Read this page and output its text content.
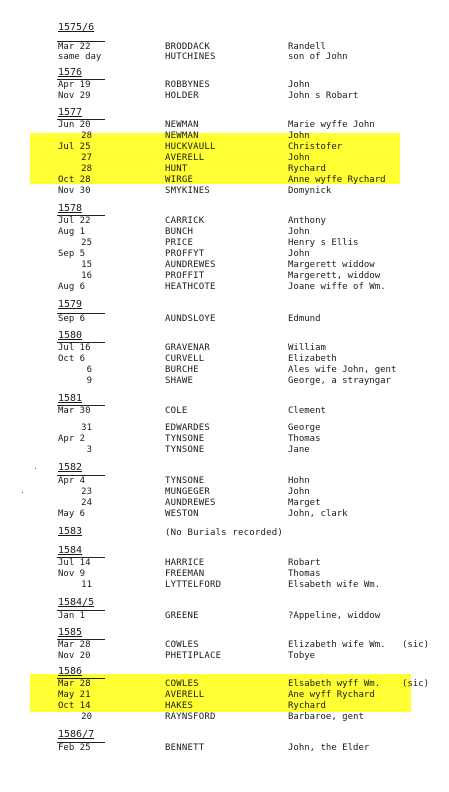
·
·
1575/6
Mar 22	BRODDACK	Randell
same day	HUTCHINES	son of John
1576
Apr 19	ROBBYNES	John
Nov 29	HOLDER	John s Robart
1577
Jun 20	NEWMAN	Marie wyffe John
28	NEWMAN	John
Jul 25	HUCKVAULL	Christofer
27	AVERELL	John
28	HUNT	Rychard
Oct 28	WIRGE	Anne wyffe Rychard
Nov 30	SMYKINES	Domynick
1578
Jul 22	CARRICK	Anthony
Aug 1	BUNCH	John
25	PRICE	Henry s Ellis
Sep 5	PROFFYT	John
15	AUNDREWES	Margerett widdow
16	PROFFIT	Margerett, widdow
Aug 6	HEATHCOTE	Joane wiffe of Wm.
1579
Sep 6	AUNDSLOYE	Edmund
1580
Jul 16	GRAVENAR	William
Oct 6	CURVELL	Elizabeth
6	BURCHE	Ales wife John, gent
9	SHAWE	George, a strayngar
1581
Mar 30	COLE	Clement
31	EDWARDES	George
Apr 2	TYNSONE	Thomas
3	TYNSONE	Jane
1582
Apr 4	TYNSONE	Hohn
23	MUNGEGER	John
24	AUNDREWES	Marget
May 6	WESTON	John, clark
1583	(No Burials recorded)
1584
Jul 14	HARRICE	Robart
Nov 9	FREEMAN	Thomas
11	LYTTELFORD	Elsabeth wife Wm.
1584/5
Jan 1	GREENE	?Appeline, widdow
1585
Mar 28	COWLES	Elizabeth wife Wm. (sic)
Nov 20	PHETIPLACE	Tobye
1586
Mar 28	COWLES	Elsabeth wyff Wm. (sic)
May 21	AVERELL	Ane wyff Rychard
Oct 14	HAKES	Rychard
20	RAYNSFORD	Barbaroe, gent
1586/7
Feb 25	BENNETT	John, the Elder
